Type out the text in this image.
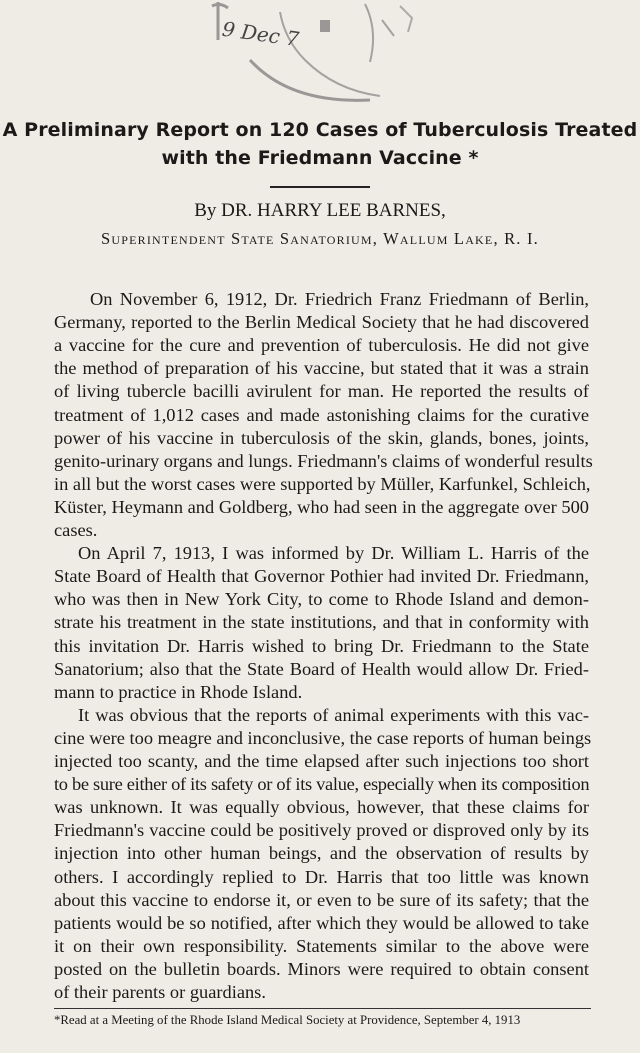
9 Dec 7
A Preliminary Report on 120 Cases of Tuberculosis Treated
with the Friedmann Vaccine *
By DR. HARRY LEE BARNES,
Superintendent State Sanatorium, Wallum Lake, R. I.
On November 6, 1912, Dr. Friedrich Franz Friedmann of Berlin,
Germany, reported to the Berlin Medical Society that he had discovered
a vaccine for the cure and prevention of tuberculosis. He did not give
the method of preparation of his vaccine, but stated that it was a strain
of living tubercle bacilli avirulent for man. He reported the results of
treatment of 1,012 cases and made astonishing claims for the curative
power of his vaccine in tuberculosis of the skin, glands, bones, joints,
genito-urinary organs and lungs. Friedmann's claims of wonderful results
in all but the worst cases were supported by Müller, Karfunkel, Schleich,
Küster, Heymann and Goldberg, who had seen in the aggregate over 500
cases.
On April 7, 1913, I was informed by Dr. William L. Harris of the
State Board of Health that Governor Pothier had invited Dr. Friedmann,
who was then in New York City, to come to Rhode Island and demon-
strate his treatment in the state institutions, and that in conformity with
this invitation Dr. Harris wished to bring Dr. Friedmann to the State
Sanatorium; also that the State Board of Health would allow Dr. Fried-
mann to practice in Rhode Island.
It was obvious that the reports of animal experiments with this vac-
cine were too meagre and inconclusive, the case reports of human beings
injected too scanty, and the time elapsed after such injections too short
to be sure either of its safety or of its value, especially when its composition
was unknown. It was equally obvious, however, that these claims for
Friedmann's vaccine could be positively proved or disproved only by its
injection into other human beings, and the observation of results by
others. I accordingly replied to Dr. Harris that too little was known
about this vaccine to endorse it, or even to be sure of its safety; that the
patients would be so notified, after which they would be allowed to take
it on their own responsibility. Statements similar to the above were
posted on the bulletin boards. Minors were required to obtain consent
of their parents or guardians.
*Read at a Meeting of the Rhode Island Medical Society at Providence, September 4, 1913
